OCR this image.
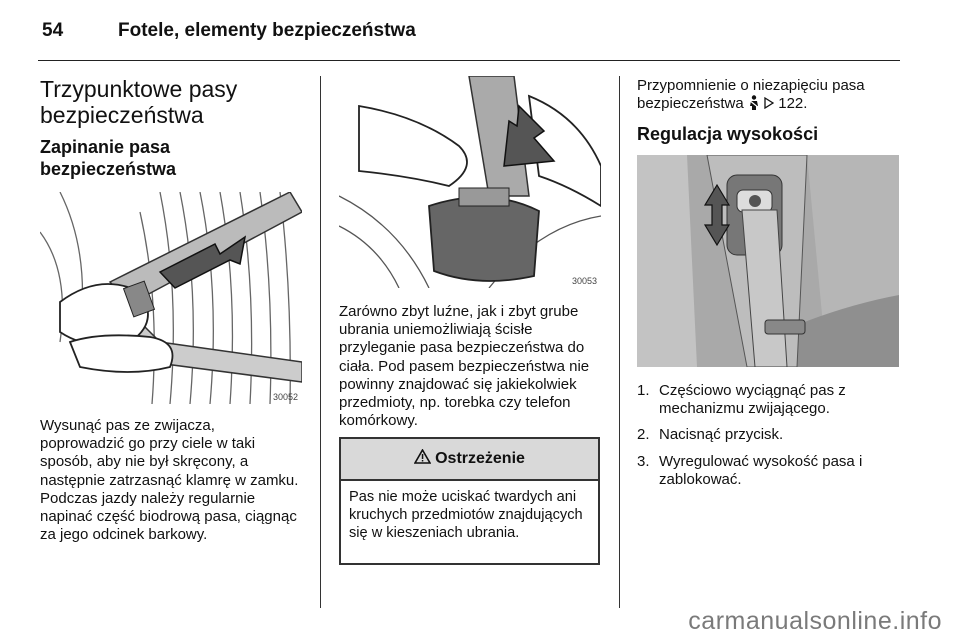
54	Fotele, elementy bezpieczeństwa
Trzypunktowe pasy bezpieczeństwa
Zapinanie pasa bezpieczeństwa
30052
Wysunąć pas ze zwijacza, poprowadzić go przy ciele w taki sposób, aby nie był skręcony, a następnie zatrzasnąć klamrę w zamku. Podczas jazdy należy regularnie napinać część biodrową pasa, ciągnąc za jego odcinek barkowy.
30053
Zarówno zbyt luźne, jak i zbyt grube ubrania uniemożliwiają ścisłe przyleganie pasa bezpieczeństwa do ciała. Pod pasem bezpieczeństwa nie powinny znajdować się jakiekolwiek przedmioty, np. torebka czy telefon komórkowy.
Ostrzeżenie
Pas nie może uciskać twardych ani kruchych przedmiotów znajdujących się w kieszeniach ubrania.
Przypomnienie o niezapięciu pasa
bezpieczeństwa 122.
Regulacja wysokości
1. Częściowo wyciągnąć pas z mechanizmu zwijającego.
2. Nacisnąć przycisk.
3. Wyregulować wysokość pasa i zablokować.
carmanualsonline.info
